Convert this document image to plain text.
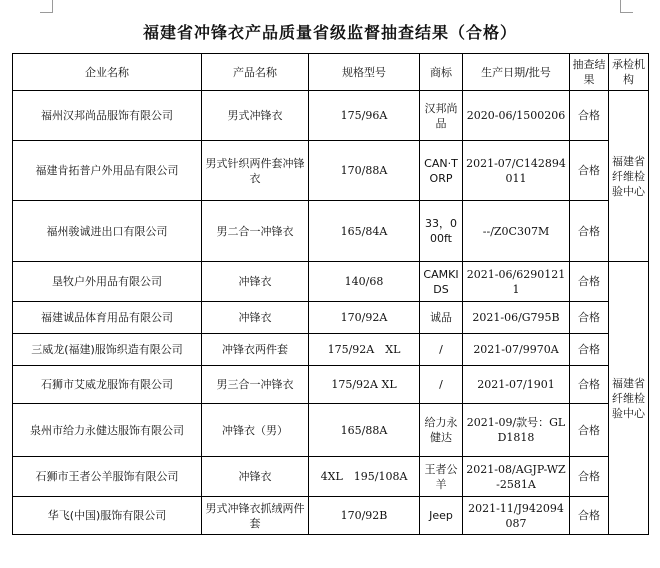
福建省冲锋衣产品质量省级监督抽查结果（合格）
企业名称	产品名称	规格型号	商标	生产日期/批号	抽查结果	承检机构
福州汉邦尚品服饰有限公司	男式冲锋衣	175/96A	汉邦尚品	2020-06/1500206	合格	福建省纤维检验中心
福建肯拓普户外用品有限公司	男式针织两件套冲锋衣	170/88A	CAN·TORP	2021-07/C142894011	合格	
福州骏诚进出口有限公司	男二合一冲锋衣	165/84A	33，000ft	--/Z0C307M	合格	
垦牧户外用品有限公司	冲锋衣	140/68	CAMKIDS	2021-06/62901211	合格	福建省纤维检验中心
福建诚品体育用品有限公司	冲锋衣	170/92A	诚品	2021-06/G795B	合格	
三威龙(福建)服饰织造有限公司	冲锋衣两件套	175/92A　XL	/	2021-07/9970A	合格	
石狮市艾威龙服饰有限公司	男三合一冲锋衣	175/92A XL	/	2021-07/1901	合格	
泉州市给力永健达服饰有限公司	冲锋衣（男）	165/88A	给力永健达	2021-09/款号：GLD1818	合格	
石狮市王者公羊服饰有限公司	冲锋衣	4XL　195/108A	王者公羊	2021-08/AGJP-WZ-2581A	合格	
华飞(中国)服饰有限公司	男式冲锋衣抓绒两件套	170/92B	Jeep	2021-11/J942094087	合格	
